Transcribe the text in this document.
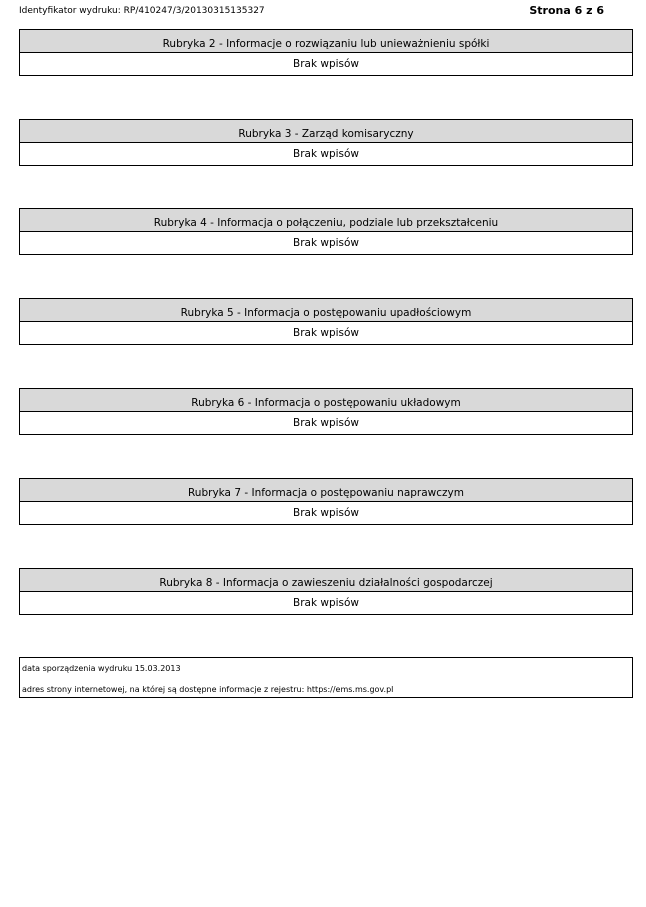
Identyfikator wydruku: RP/410247/3/20130315135327	Strona 6 z 6
Rubryka 2 - Informacje o rozwiązaniu lub unieważnieniu spółki
Brak wpisów
Rubryka 3 - Zarząd komisaryczny
Brak wpisów
Rubryka 4 - Informacja o połączeniu, podziale lub przekształceniu
Brak wpisów
Rubryka 5 - Informacja o postępowaniu upadłościowym
Brak wpisów
Rubryka 6 - Informacja o postępowaniu układowym
Brak wpisów
Rubryka 7 - Informacja o postępowaniu naprawczym
Brak wpisów
Rubryka 8 - Informacja o zawieszeniu działalności gospodarczej
Brak wpisów
data sporządzenia wydruku 15.03.2013
adres strony internetowej, na której są dostępne informacje z rejestru: https://ems.ms.gov.pl
